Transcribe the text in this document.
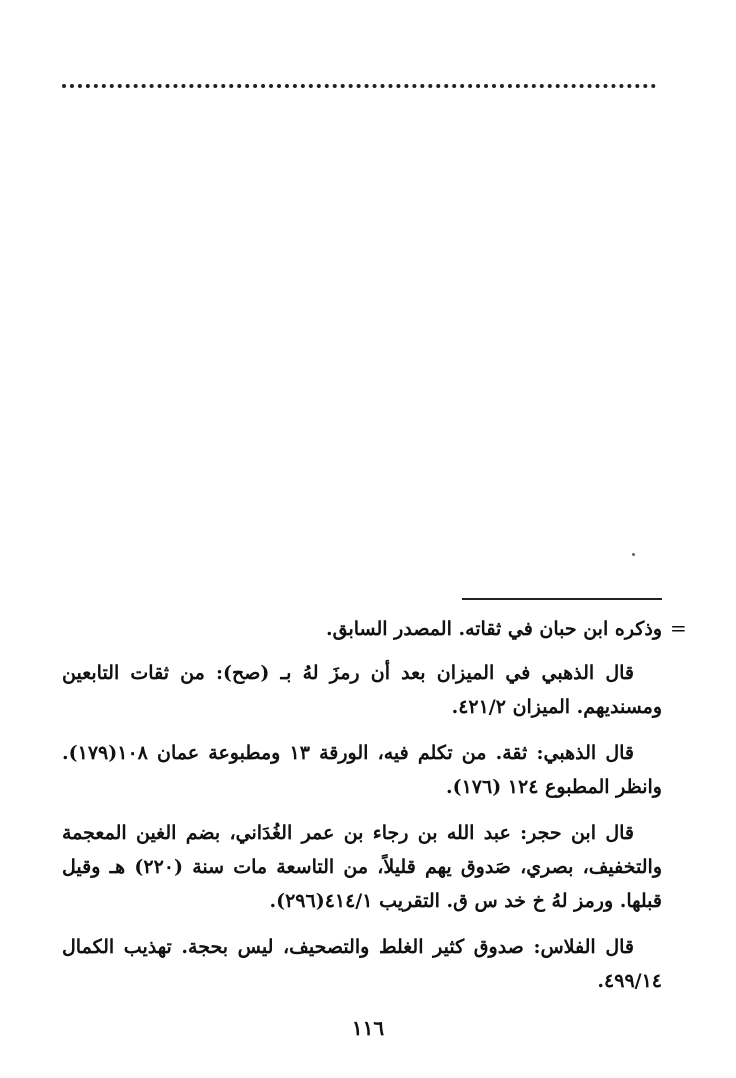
=

وذكره ابن حبان في ثقاته. المصدر السابق.

قال الذهبي في الميزان بعد أن رمزَ لهُ بـ (صح): من ثقات التابعين ومسنديهم. الميزان ٤٢١/٢.

قال الذهبي: ثقة. من تكلم فيه، الورقة ١٣ ومطبوعة عمان ١٠٨(١٧٩). وانظر المطبوع ١٢٤ (١٧٦).

قال ابن حجر: عبد الله بن رجاء بن عمر الغُدَاني، بضم الغين المعجمة والتخفيف، بصري، صَدوق يهم قليلاً، من التاسعة مات سنة (٢٢٠) هـ وقيل قبلها. ورمز لهُ خ خد س ق. التقريب ٤١٤/١(٢٩٦).

قال الفلاس: صدوق كثير الغلط والتصحيف، ليس بحجة. تهذيب الكمال ٤٩٩/١٤.

١١٦
